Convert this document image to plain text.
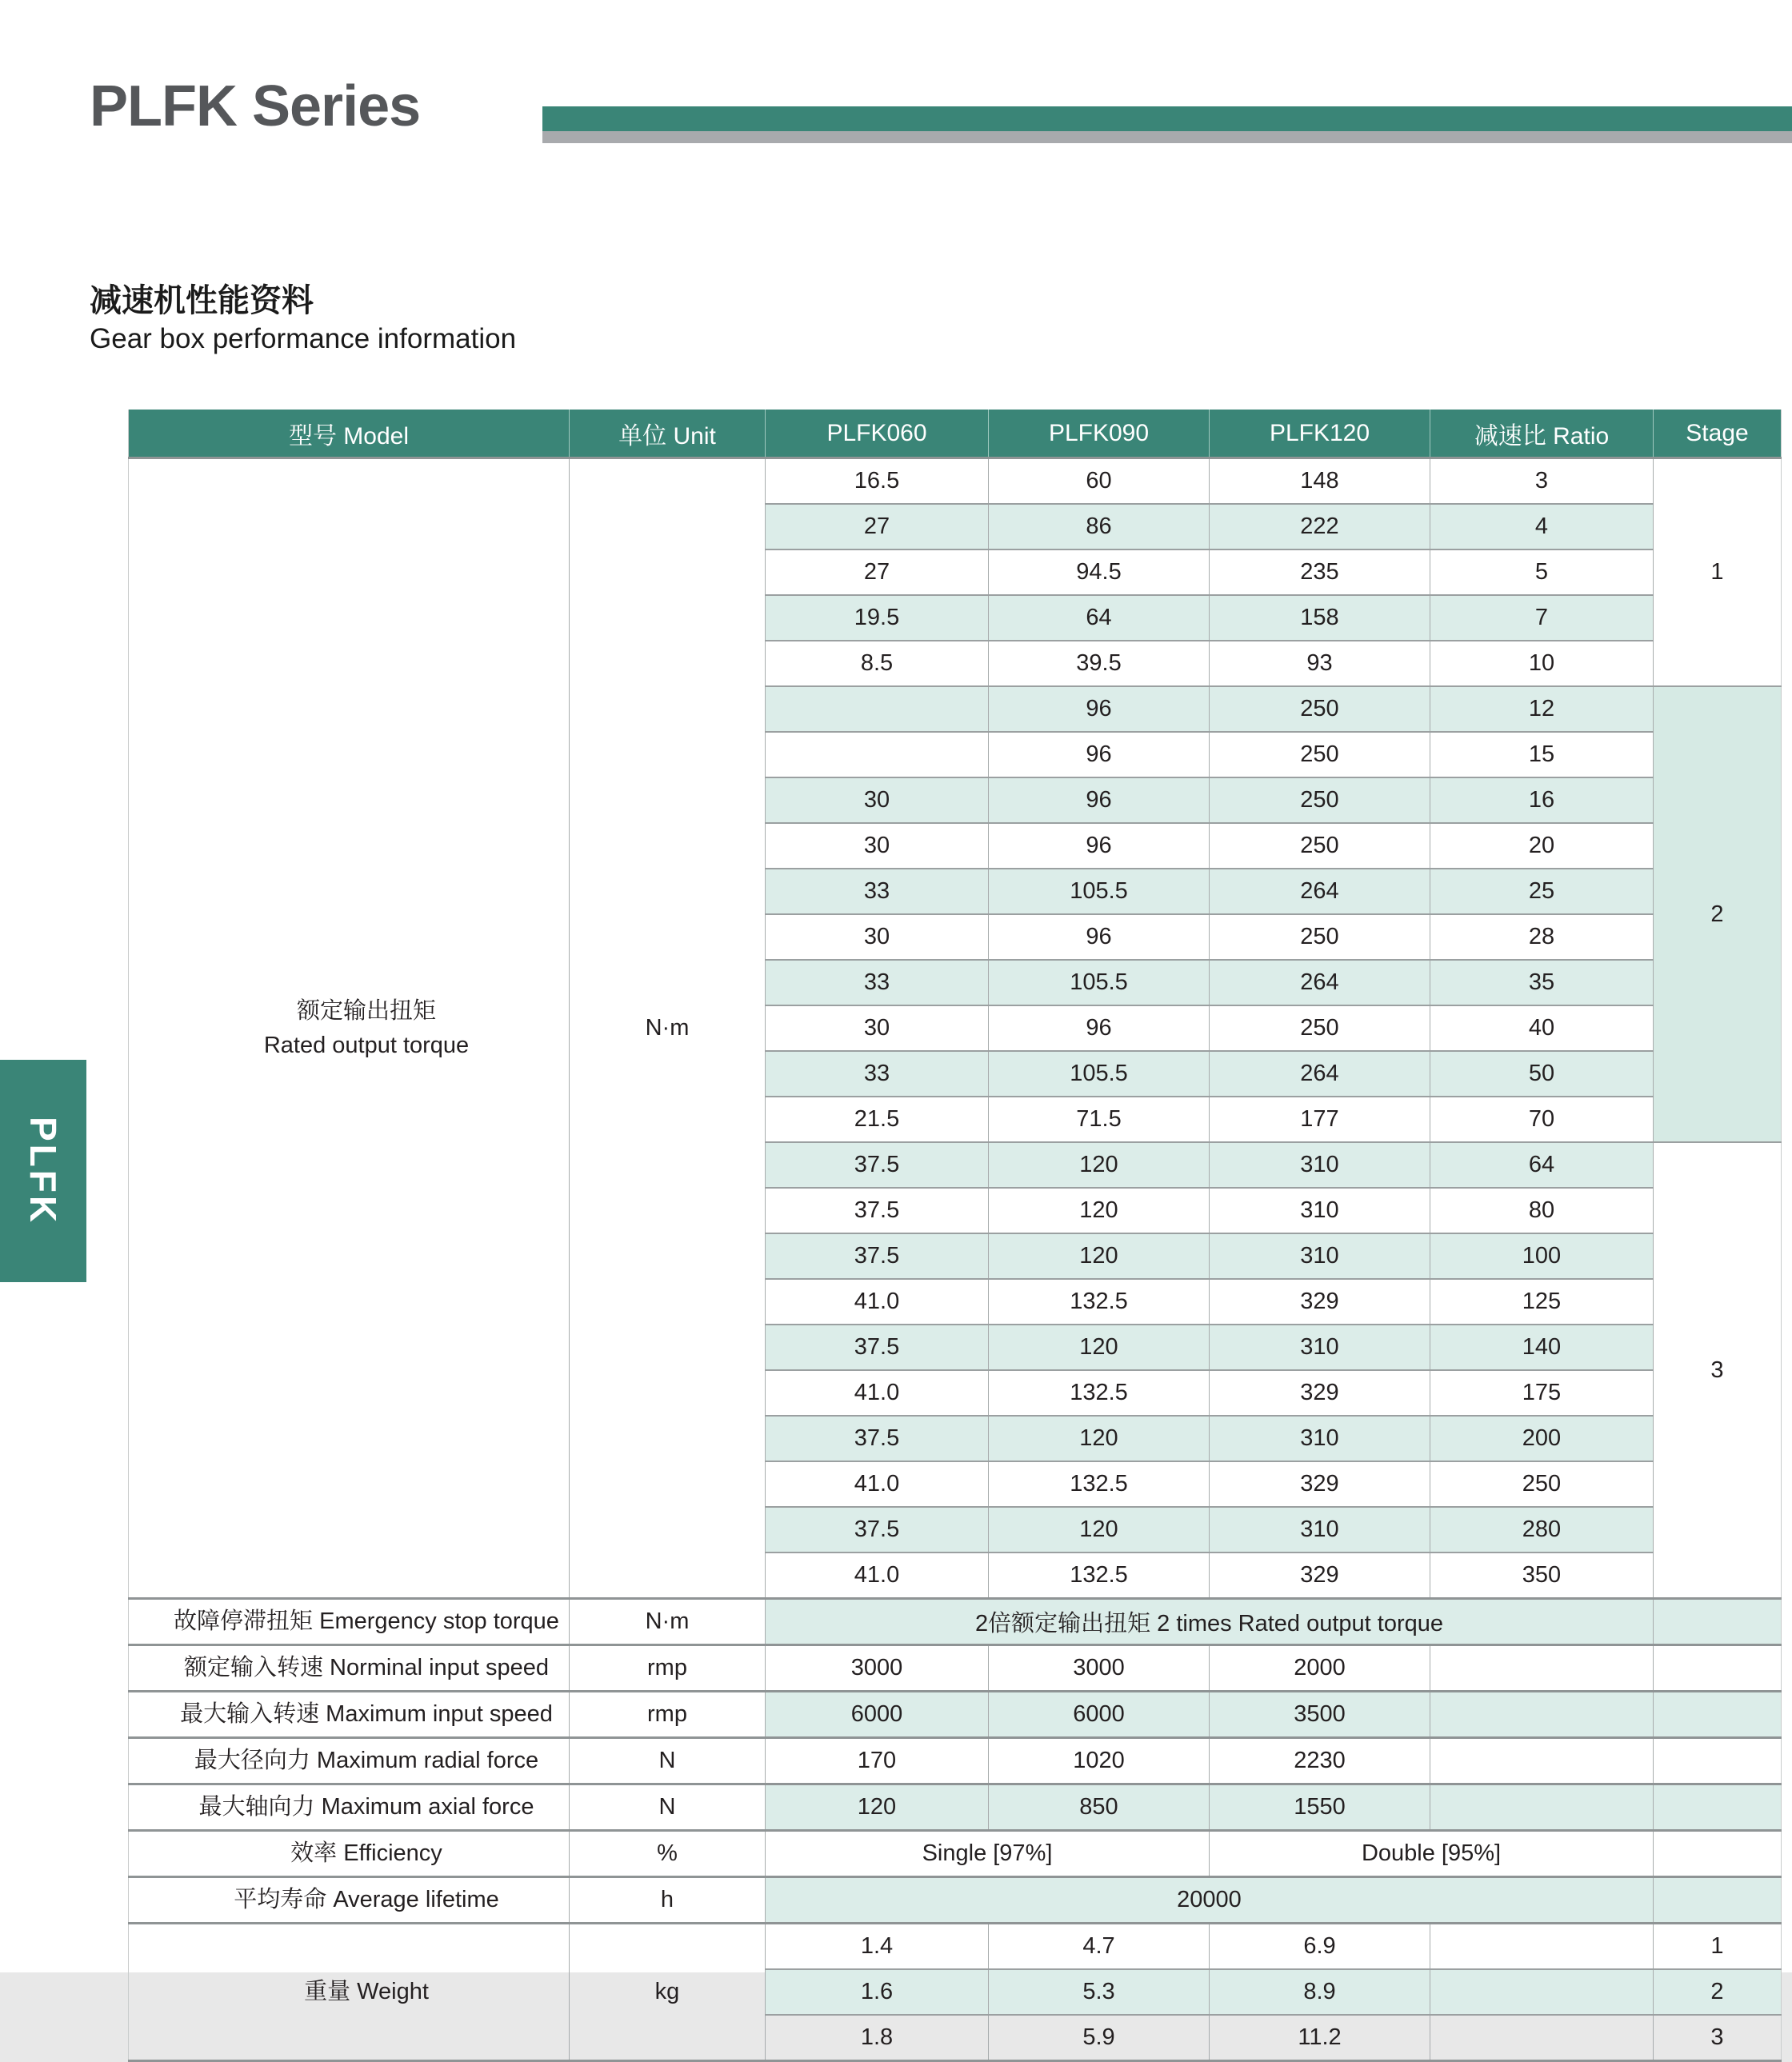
PLFK Series
减速机性能资料
Gear box performance information
PLFK
型号 Model	单位 Unit	PLFK060	PLFK090	PLFK120	减速比 Ratio	Stage

额定输出扭矩
Rated output torque	N·m	16.5	60	148	3	1
		27	86	222	4	
		27	94.5	235	5	
		19.5	64	158	7	
		8.5	39.5	93	10	
			96	250	12	2
			96	250	15	
		30	96	250	16	
		30	96	250	20	
		33	105.5	264	25	
		30	96	250	28	
		33	105.5	264	35	
		30	96	250	40	
		33	105.5	264	50	
		21.5	71.5	177	70	
		37.5	120	310	64	3
		37.5	120	310	80	
		37.5	120	310	100	
		41.0	132.5	329	125	
		37.5	120	310	140	
		41.0	132.5	329	175	
		37.5	120	310	200	
		41.0	132.5	329	250	
		37.5	120	310	280	
		41.0	132.5	329	350	
故障停滞扭矩 Emergency stop torque	N·m	2倍额定输出扭矩 2 times Rated output torque				
额定输入转速 Norminal input speed	rmp	3000	3000	2000		
最大输入转速 Maximum input speed	rmp	6000	6000	3500		
最大径向力 Maximum radial force	N	170	1020	2230		
最大轴向力 Maximum axial force	N	120	850	1550		
效率 Efficiency	%	Single [97%]		Double [95%]		
平均寿命 Average lifetime	h	20000				
重量 Weight	kg	1.4	4.7	6.9		1
		1.6	5.3	8.9		2
		1.8	5.9	11.2		3
